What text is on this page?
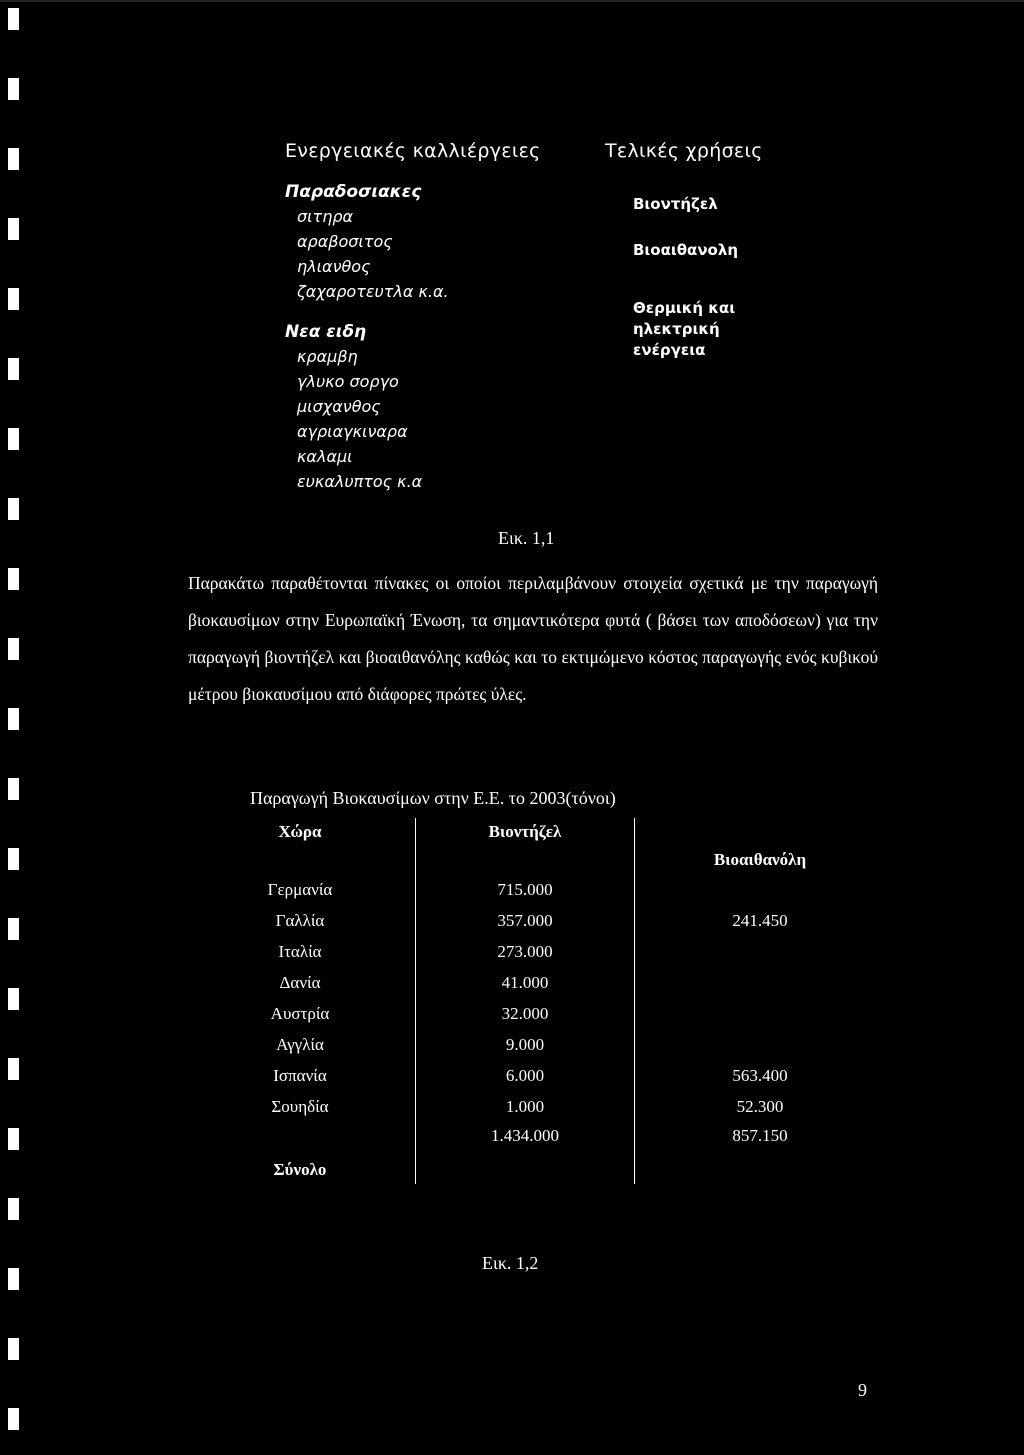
Ενεργειακές καλλιέργειες
Παραδοσιακες
σιτηρα
αραβοσιτος
ηλιανθος
ζαχαροτευτλα κ.α.
Νεα ειδη
κραμβη
γλυκο σοργο
μισχανθος
αγριαγκιναρα
καλαμι
ευκαλυπτος κ.α
Τελικές χρήσεις
Βιοντήζελ
Βιοαιθανολη
Θερμική και ηλεκτρική ενέργεια
Εικ. 1,1
Παρακάτω παραθέτονται πίνακες οι οποίοι περιλαμβάνουν στοιχεία σχετικά με την παραγωγή βιοκαυσίμων στην Ευρωπαϊκή Ένωση, τα σημαντικότερα φυτά ( βάσει των αποδόσεων) για την παραγωγή βιοντήζελ και βιοαιθανόλης καθώς και το εκτιμώμενο κόστος παραγωγής ενός κυβικού μέτρου βιοκαυσίμου από διάφορες πρώτες ύλες.
Παραγωγή Βιοκαυσίμων στην Ε.Ε. το 2003(τόνοι)
Χώρα	Βιοντήζελ	Βιοαιθανόλη
Γερμανία	715.000	
Γαλλία	357.000	241.450
Ιταλία	273.000	
Δανία	41.000	
Αυστρία	32.000	
Αγγλία	9.000	
Ισπανία	6.000	563.400
Σουηδία	1.000	52.300
Σύνολο	1.434.000	857.150
Εικ. 1,2
9
